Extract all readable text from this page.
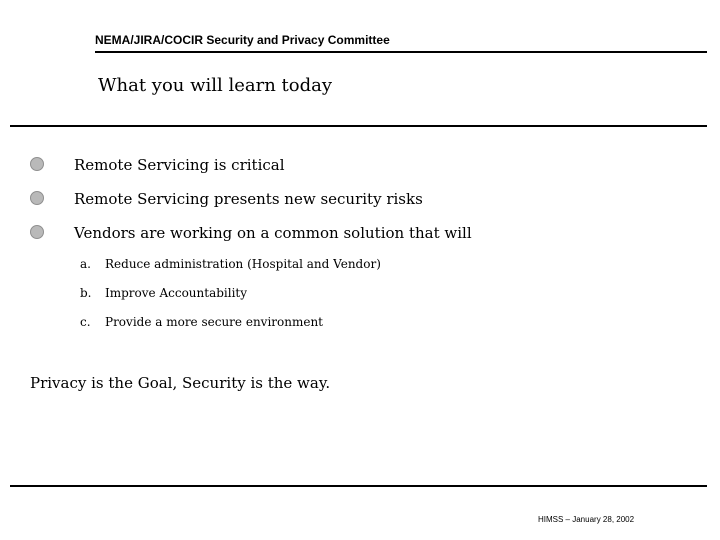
NEMA/JIRA/COCIR Security and Privacy Committee
What you will learn today
Remote Servicing is critical
Remote Servicing presents new security risks
Vendors are working on a common solution that will
a. Reduce administration (Hospital and Vendor)
b. Improve Accountability
c. Provide a more secure environment
Privacy is the Goal, Security is the way.
HIMSS – January 28, 2002
